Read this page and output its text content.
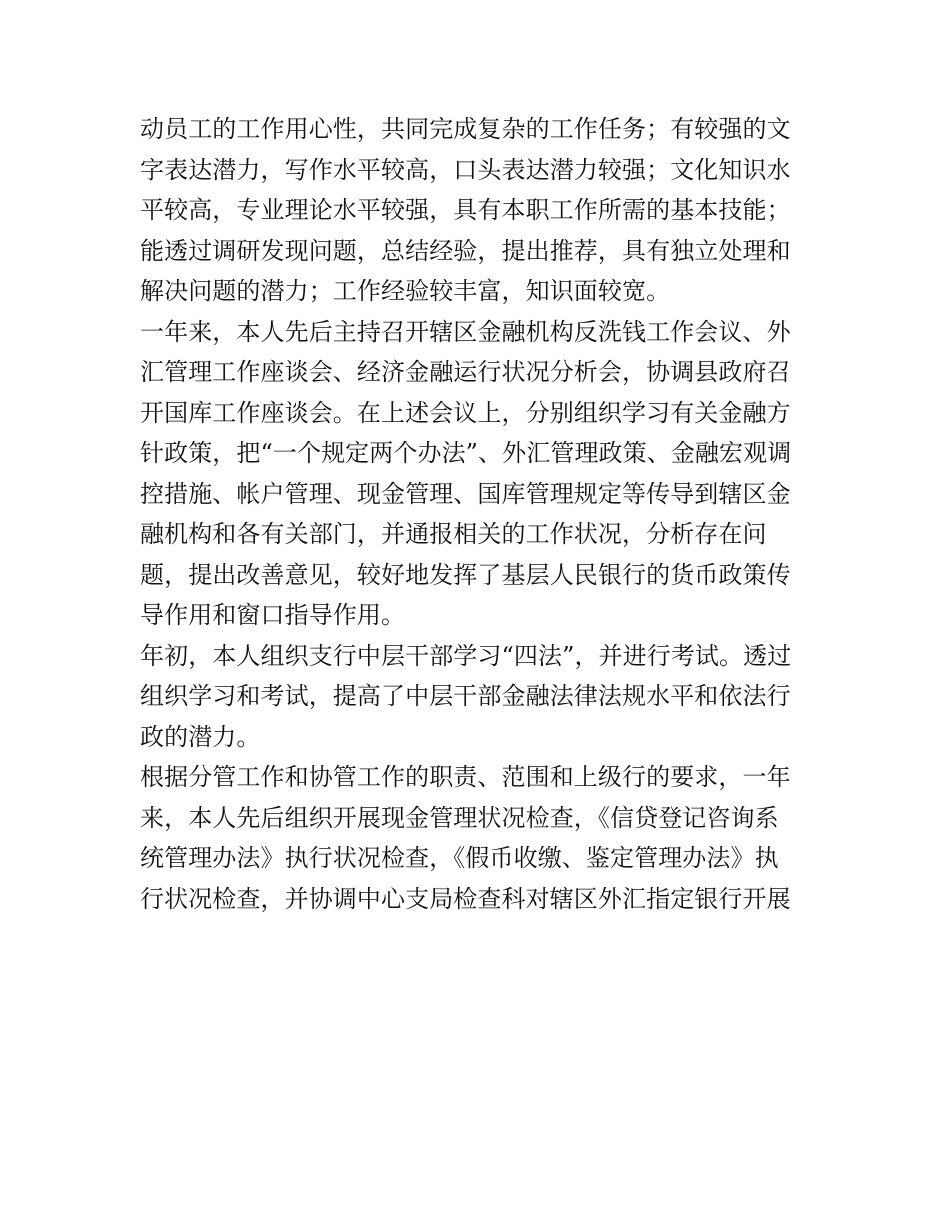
动员工的工作用心性，共同完成复杂的工作任务；有较强的文
字表达潜力，写作水平较高，口头表达潜力较强；文化知识水
平较高，专业理论水平较强，具有本职工作所需的基本技能；
能透过调研发现问题，总结经验，提出推荐，具有独立处理和
解决问题的潜力；工作经验较丰富，知识面较宽。
一年来，本人先后主持召开辖区金融机构反洗钱工作会议、外
汇管理工作座谈会、经济金融运行状况分析会，协调县政府召
开国库工作座谈会。在上述会议上，分别组织学习有关金融方
针政策，把“一个规定两个办法”、外汇管理政策、金融宏观调
控措施、帐户管理、现金管理、国库管理规定等传导到辖区金
融机构和各有关部门，并通报相关的工作状况，分析存在问
题，提出改善意见，较好地发挥了基层人民银行的货币政策传
导作用和窗口指导作用。
年初，本人组织支行中层干部学习“四法”，并进行考试。透过
组织学习和考试，提高了中层干部金融法律法规水平和依法行
政的潜力。
根据分管工作和协管工作的职责、范围和上级行的要求，一年
来，本人先后组织开展现金管理状况检查，《信贷登记咨询系
统管理办法》执行状况检查，《假币收缴、鉴定管理办法》执
行状况检查，并协调中心支局检查科对辖区外汇指定银行开展
